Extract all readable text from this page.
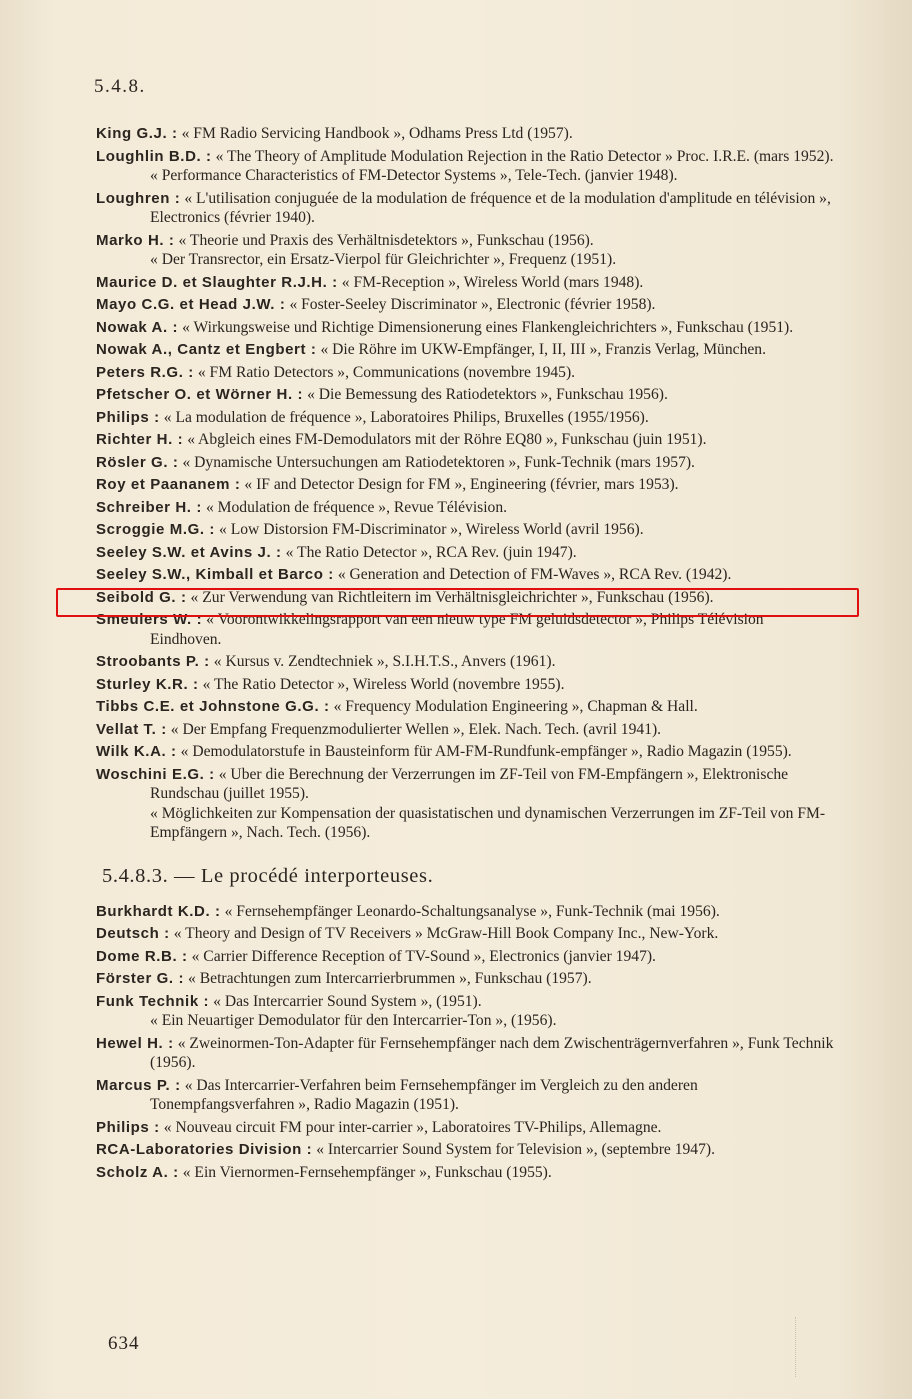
5.4.8.
King G.J. : « FM Radio Servicing Handbook », Odhams Press Ltd (1957).
Loughlin B.D. : « The Theory of Amplitude Modulation Rejection in the Ratio Detector » Proc. I.R.E. (mars 1952).
« Performance Characteristics of FM-Detector Systems », Tele-Tech. (janvier 1948).
Loughren : « L'utilisation conjuguée de la modulation de fréquence et de la modulation d'amplitude en télévision », Electronics (février 1940).
Marko H. : « Theorie und Praxis des Verhältnisdetektors », Funkschau (1956).
« Der Transrector, ein Ersatz-Vierpol für Gleichrichter », Frequenz (1951).
Maurice D. et Slaughter R.J.H. : « FM-Reception », Wireless World (mars 1948).
Mayo C.G. et Head J.W. : « Foster-Seeley Discriminator », Electronic (février 1958).
Nowak A. : « Wirkungsweise und Richtige Dimensionerung eines Flankengleichrichters », Funkschau (1951).
Nowak A., Cantz et Engbert : « Die Röhre im UKW-Empfänger, I, II, III », Franzis Verlag, München.
Peters R.G. : « FM Ratio Detectors », Communications (novembre 1945).
Pfetscher O. et Wörner H. : « Die Bemessung des Ratiodetektors », Funkschau 1956).
Philips : « La modulation de fréquence », Laboratoires Philips, Bruxelles (1955/1956).
Richter H. : « Abgleich eines FM-Demodulators mit der Röhre EQ80 », Funkschau (juin 1951).
Rösler G. : « Dynamische Untersuchungen am Ratiodetektoren », Funk-Technik (mars 1957).
Roy et Paananem : « IF and Detector Design for FM », Engineering (février, mars 1953).
Schreiber H. : « Modulation de fréquence », Revue Télévision.
Scroggie M.G. : « Low Distorsion FM-Discriminator », Wireless World (avril 1956).
Seeley S.W. et Avins J. : « The Ratio Detector », RCA Rev. (juin 1947).
Seeley S.W., Kimball et Barco : « Generation and Detection of FM-Waves », RCA Rev. (1942).
Seibold G. : « Zur Verwendung van Richtleitern im Verhältnisgleichrichter », Funkschau (1956).
Smeulers W. : « Voorontwikkelingsrapport van een nieuw type FM geluidsdetector », Philips Télévision Eindhoven.
Stroobants P. : « Kursus v. Zendtechniek », S.I.H.T.S., Anvers (1961).
Sturley K.R. : « The Ratio Detector », Wireless World (novembre 1955).
Tibbs C.E. et Johnstone G.G. : « Frequency Modulation Engineering », Chapman & Hall.
Vellat T. : « Der Empfang Frequenzmodulierter Wellen », Elek. Nach. Tech. (avril 1941).
Wilk K.A. : « Demodulatorstufe in Bausteinform für AM-FM-Rundfunk-empfänger », Radio Magazin (1955).
Woschini E.G. : « Uber die Berechnung der Verzerrungen im ZF-Teil von FM-Empfängern », Elektronische Rundschau (juillet 1955).
« Möglichkeiten zur Kompensation der quasistatischen und dynamischen Verzerrungen im ZF-Teil von FM-Empfängern », Nach. Tech. (1956).
5.4.8.3. — Le procédé interporteuses.
Burkhardt K.D. : « Fernsehempfänger Leonardo-Schaltungsanalyse », Funk-Technik (mai 1956).
Deutsch : « Theory and Design of TV Receivers » McGraw-Hill Book Company Inc., New-York.
Dome R.B. : « Carrier Difference Reception of TV-Sound », Electronics (janvier 1947).
Förster G. : « Betrachtungen zum Intercarrierbrummen », Funkschau (1957).
Funk Technik : « Das Intercarrier Sound System », (1951).
« Ein Neuartiger Demodulator für den Intercarrier-Ton », (1956).
Hewel H. : « Zweinormen-Ton-Adapter für Fernsehempfänger nach dem Zwischenträgernverfahren », Funk Technik (1956).
Marcus P. : « Das Intercarrier-Verfahren beim Fernsehempfänger im Vergleich zu den anderen Tonempfangsverfahren », Radio Magazin (1951).
Philips : « Nouveau circuit FM pour inter-carrier », Laboratoires TV-Philips, Allemagne.
RCA-Laboratories Division : « Intercarrier Sound System for Television », (septembre 1947).
Scholz A. : « Ein Viernormen-Fernsehempfänger », Funkschau (1955).
634
